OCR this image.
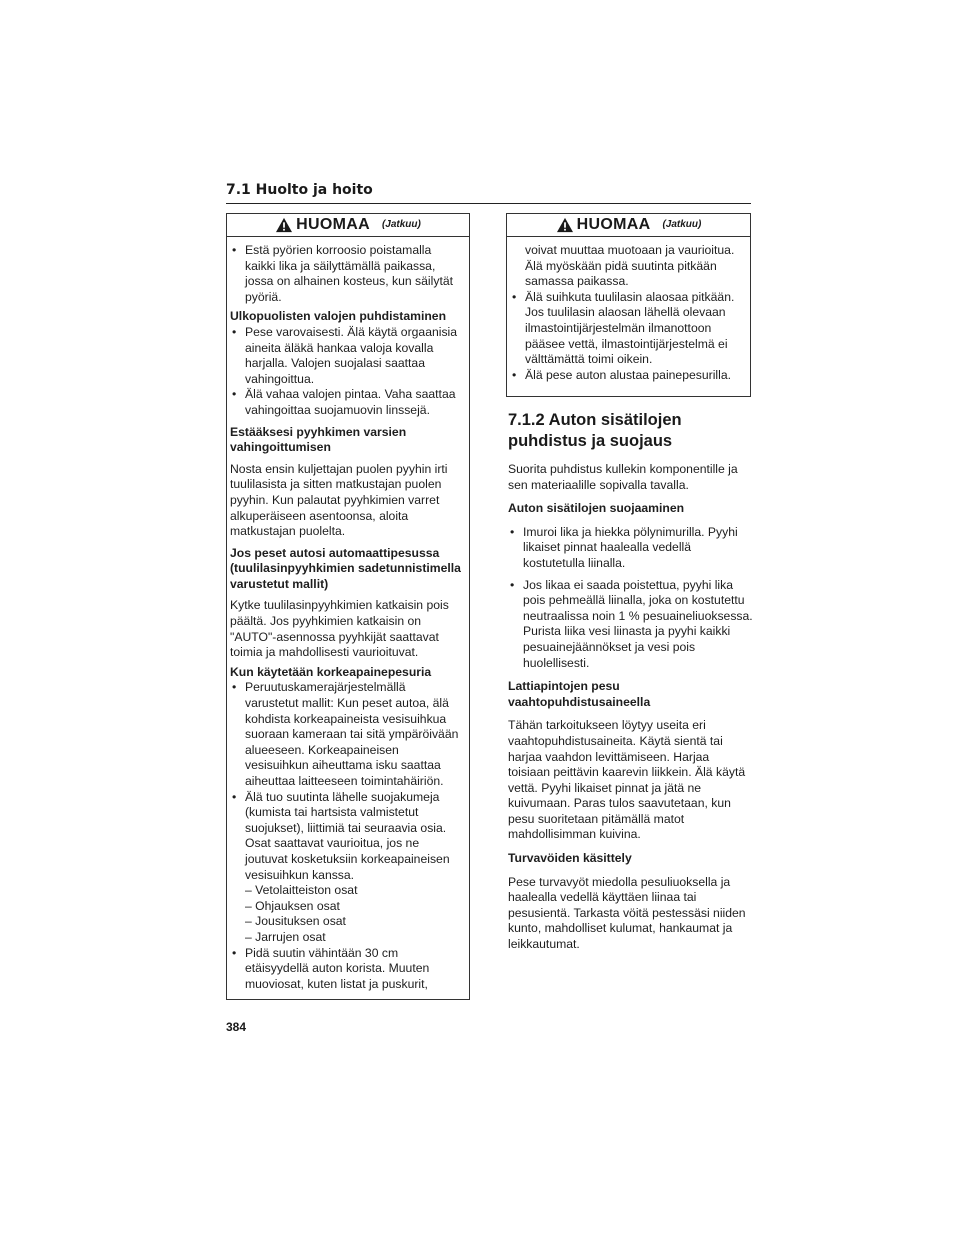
7.1 Huolto ja hoito
HUOMAA (Jatkuu)
• Estä pyörien korroosio poistamalla kaikki lika ja säilyttämällä paikassa, jossa on alhainen kosteus, kun säilytät pyöriä.

Ulkopuolisten valojen puhdistaminen

• Pese varovaisesti. Älä käytä orgaanisia aineita äläkä hankaa valoja kovalla harjalla. Valojen suojalasi saattaa vahingoittua.
• Älä vahaa valojen pintaa. Vaha saattaa vahingoittaa suojamuovin linssejä.

Estääksesi pyyhkimen varsien vahingoittumisen

Nosta ensin kuljettajan puolen pyyhin irti tuulilasista ja sitten matkustajan puolen pyyhin. Kun palautat pyyhkimien varret alkuperäiseen asentoonsa, aloita matkustajan puolelta.

Jos peset autosi automaattipesussa (tuulilasinpyyhkimien sadetunnistimella varustetut mallit)

Kytke tuulilasinpyyhkimien katkaisin pois päältä. Jos pyyhkimien katkaisin on "AUTO"-asennossa pyyhkijät saattavat toimia ja mahdollisesti vaurioituvat.

Kun käytetään korkeapainepesuria

• Peruutuskamerajärjestelmällä varustetut mallit: Kun peset autoa, älä kohdista korkeapaineista vesisuihkua suoraan kameraan tai sitä ympäröivään alueeseen. Korkeapaineisen vesisuihkun aiheuttama isku saattaa aiheuttaa laitteeseen toimintahäiriön.
• Älä tuo suutinta lähelle suojakumeja (kumista tai hartsista valmistetut suojukset), liittimiä tai seuraavia osia. Osat saattavat vaurioitua, jos ne joutuvat kosketuksiin korkeapaineisen vesisuihkun kanssa.
– Vetolaitteiston osat
– Ohjauksen osat
– Jousituksen osat
– Jarrujen osat
• Pidä suutin vähintään 30 cm etäisyydellä auton korista. Muuten muoviosat, kuten listat ja puskurit,
HUOMAA (Jatkuu)

voivat muuttaa muotoaan ja vaurioitua. Älä myöskään pidä suutinta pitkään samassa paikassa.

• Älä suihkuta tuulilasin alaosaa pitkään. Jos tuulilasin alaosan lähellä olevaan ilmastointijärjestelmän ilmanottoon pääsee vettä, ilmastointijärjestelmä ei välttämättä toimi oikein.
• Älä pese auton alustaa painepesurilla.
7.1.2 Auton sisätilojen puhdistus ja suojaus

Suorita puhdistus kullekin komponentille ja sen materiaalille sopivalla tavalla.

Auton sisätilojen suojaaminen

• Imuroi lika ja hiekka pölynimurilla. Pyyhi likaiset pinnat haalealla vedellä kostutetulla liinalla.
• Jos likaa ei saada poistettua, pyyhi lika pois pehmeällä liinalla, joka on kostutettu neutraalissa noin 1 % pesuaineliuoksessa. Purista liika vesi liinasta ja pyyhi kaikki pesuainejäännökset ja vesi pois huolellisesti.

Lattiapintojen pesu vaahtopuhdistusaineella

Tähän tarkoitukseen löytyy useita eri vaahtopuhdistusaineita. Käytä sientä tai harjaa vaahdon levittämiseen. Harjaa toisiaan peittävin kaarevin liikkein. Älä käytä vettä. Pyyhi likaiset pinnat ja jätä ne kuivumaan. Paras tulos saavutetaan, kun pesu suoritetaan pitämällä matot mahdollisimman kuivina.

Turvavöiden käsittely

Pese turvavyöt miedolla pesuliuoksella ja haalealla vedellä käyttäen liinaa tai pesusientä. Tarkasta vöitä pestessäsi niiden kunto, mahdolliset kulumat, hankaumat ja leikkautumat.

384
